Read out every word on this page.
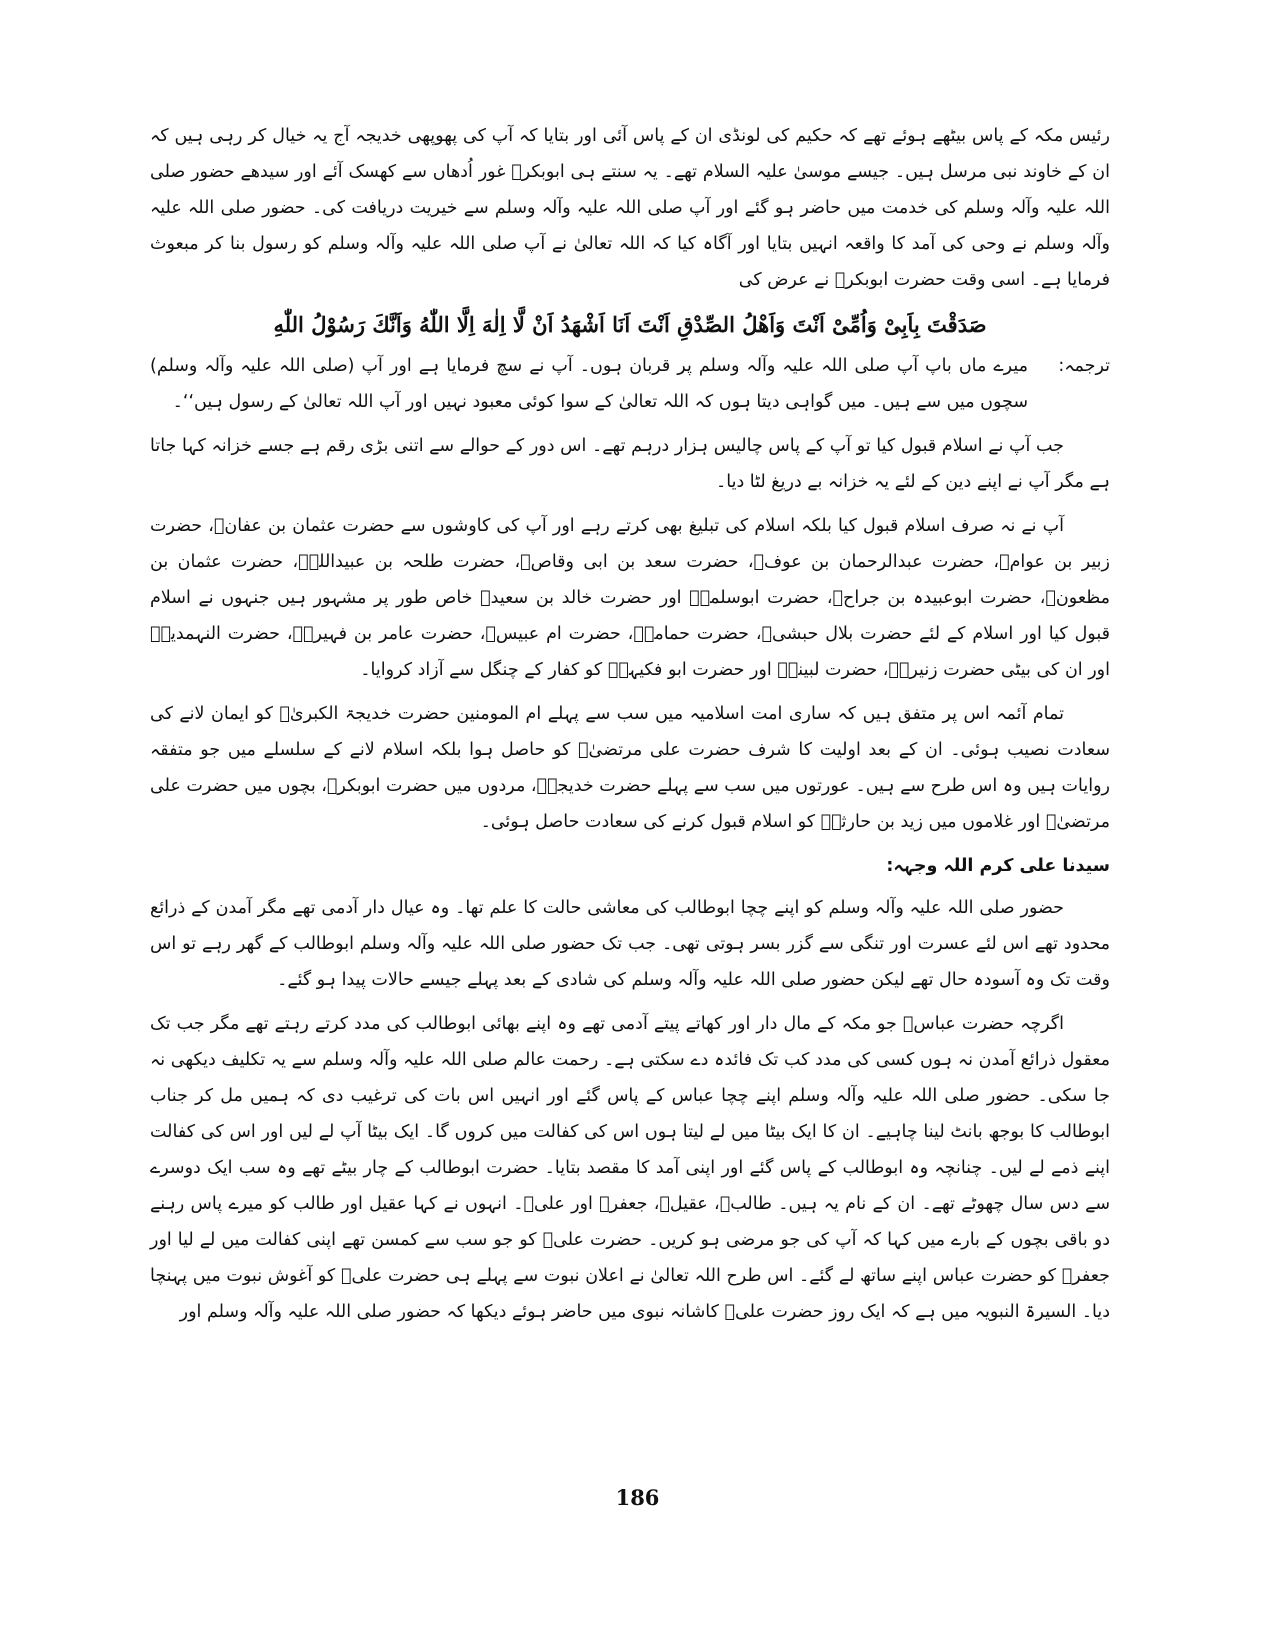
رئیس مکہ کے پاس بیٹھے ہوئے تھے کہ حکیم کی لونڈی ان کے پاس آئی اور بتایا کہ آپ کی پھوپھی خدیجہ آج یہ خیال کر رہی ہیں کہ ان کے خاوند نبی مرسل ہیں۔ جیسے موسیٰ علیہ السلام تھے۔ یہ سنتے ہی ابوبکرؓ غور اُدھاں سے کھسک آئے اور سیدھے حضور صلی اللہ علیہ وآلہ وسلم کی خدمت میں حاضر ہو گئے اور آپ صلی اللہ علیہ وآلہ وسلم سے خیریت دریافت کی۔ حضور صلی اللہ علیہ وآلہ وسلم نے وحی کی آمد کا واقعہ انہیں بتایا اور آگاہ کیا کہ اللہ تعالیٰ نے آپ صلی اللہ علیہ وآلہ وسلم کو رسول بنا کر مبعوث فرمایا ہے۔ اسی وقت حضرت ابوبکرؓ نے عرض کی

صَدَقْتَ بِاَبِیْ وَاُمِّیْ اَنْتَ وَاَهْلُ الصِّدْقِ اَنْتَ اَنَا اَشْهَدُ اَنْ لَّا اِلٰهَ اِلَّا اللّٰهُ وَاَنَّكَ رَسُوْلُ اللّٰهِ

ترجمہ:
میرے ماں باپ آپ صلی اللہ علیہ وآلہ وسلم پر قربان ہوں۔ آپ نے سچ فرمایا ہے اور آپ (صلی اللہ علیہ وآلہ وسلم) سچوں میں سے ہیں۔ میں گواہی دیتا ہوں کہ اللہ تعالیٰ کے سوا کوئی معبود نہیں اور آپ اللہ تعالیٰ کے رسول ہیں‘‘۔

جب آپ نے اسلام قبول کیا تو آپ کے پاس چالیس ہزار درہم تھے۔ اس دور کے حوالے سے اتنی بڑی رقم ہے جسے خزانہ کہا جاتا ہے مگر آپ نے اپنے دین کے لئے یہ خزانہ بے دریغ لٹا دیا۔

آپ نے نہ صرف اسلام قبول کیا بلکہ اسلام کی تبلیغ بھی کرتے رہے اور آپ کی کاوشوں سے حضرت عثمان بن عفانؓ، حضرت زبیر بن عوامؓ، حضرت عبدالرحمان بن عوفؓ، حضرت سعد بن ابی وقاصؓ، حضرت طلحہ بن عبیداللہؓ، حضرت عثمان بن مظعونؓ، حضرت ابوعبیدہ بن جراحؓ، حضرت ابوسلمہؓ اور حضرت خالد بن سعیدؓ خاص طور پر مشہور ہیں جنہوں نے اسلام قبول کیا اور اسلام کے لئے حضرت بلال حبشیؓ، حضرت حمامہؓ، حضرت ام عبیسؓ، حضرت عامر بن فہیرہؓ، حضرت النہمدیہؓ اور ان کی بیٹی حضرت زنیرہؓ، حضرت لبینہؓ اور حضرت ابو فکیہہؓ کو کفار کے چنگل سے آزاد کروایا۔

تمام آئمہ اس پر متفق ہیں کہ ساری امت اسلامیہ میں سب سے پہلے ام المومنین حضرت خدیجۃ الکبریٰؓ کو ایمان لانے کی سعادت نصیب ہوئی۔ ان کے بعد اولیت کا شرف حضرت علی مرتضیٰؓ کو حاصل ہوا بلکہ اسلام لانے کے سلسلے میں جو متفقہ روایات ہیں وہ اس طرح سے ہیں۔ عورتوں میں سب سے پہلے حضرت خدیجہؓ، مردوں میں حضرت ابوبکرؓ، بچوں میں حضرت علی مرتضیٰؓ اور غلاموں میں زید بن حارثہؓ کو اسلام قبول کرنے کی سعادت حاصل ہوئی۔

سیدنا علی کرم اللہ وجہہ:

حضور صلی اللہ علیہ وآلہ وسلم کو اپنے چچا ابوطالب کی معاشی حالت کا علم تھا۔ وہ عیال دار آدمی تھے مگر آمدن کے ذرائع محدود تھے اس لئے عسرت اور تنگی سے گزر بسر ہوتی تھی۔ جب تک حضور صلی اللہ علیہ وآلہ وسلم ابوطالب کے گھر رہے تو اس وقت تک وہ آسودہ حال تھے لیکن حضور صلی اللہ علیہ وآلہ وسلم کی شادی کے بعد پہلے جیسے حالات پیدا ہو گئے۔

اگرچہ حضرت عباسؓ جو مکہ کے مال دار اور کھاتے پیتے آدمی تھے وہ اپنے بھائی ابوطالب کی مدد کرتے رہتے تھے مگر جب تک معقول ذرائع آمدن نہ ہوں کسی کی مدد کب تک فائدہ دے سکتی ہے۔ رحمت عالم صلی اللہ علیہ وآلہ وسلم سے یہ تکلیف دیکھی نہ جا سکی۔ حضور صلی اللہ علیہ وآلہ وسلم اپنے چچا عباس کے پاس گئے اور انہیں اس بات کی ترغیب دی کہ ہمیں مل کر جناب ابوطالب کا بوجھ بانٹ لینا چاہیے۔ ان کا ایک بیٹا میں لے لیتا ہوں اس کی کفالت میں کروں گا۔ ایک بیٹا آپ لے لیں اور اس کی کفالت اپنے ذمے لے لیں۔ چنانچہ وہ ابوطالب کے پاس گئے اور اپنی آمد کا مقصد بتایا۔ حضرت ابوطالب کے چار بیٹے تھے وہ سب ایک دوسرے سے دس سال چھوٹے تھے۔ ان کے نام یہ ہیں۔ طالبؓ، عقیلؓ، جعفرؓ اور علیؓ۔ انہوں نے کہا عقیل اور طالب کو میرے پاس رہنے دو باقی بچوں کے بارے میں کہا کہ آپ کی جو مرضی ہو کریں۔ حضرت علیؓ کو جو سب سے کمسن تھے اپنی کفالت میں لے لیا اور جعفرؓ کو حضرت عباس اپنے ساتھ لے گئے۔ اس طرح اللہ تعالیٰ نے اعلان نبوت سے پہلے ہی حضرت علیؓ کو آغوش نبوت میں پہنچا دیا۔ السیرۃ النبویہ میں ہے کہ ایک روز حضرت علیؓ کاشانہ نبوی میں حاضر ہوئے دیکھا کہ حضور صلی اللہ علیہ وآلہ وسلم اور

186
